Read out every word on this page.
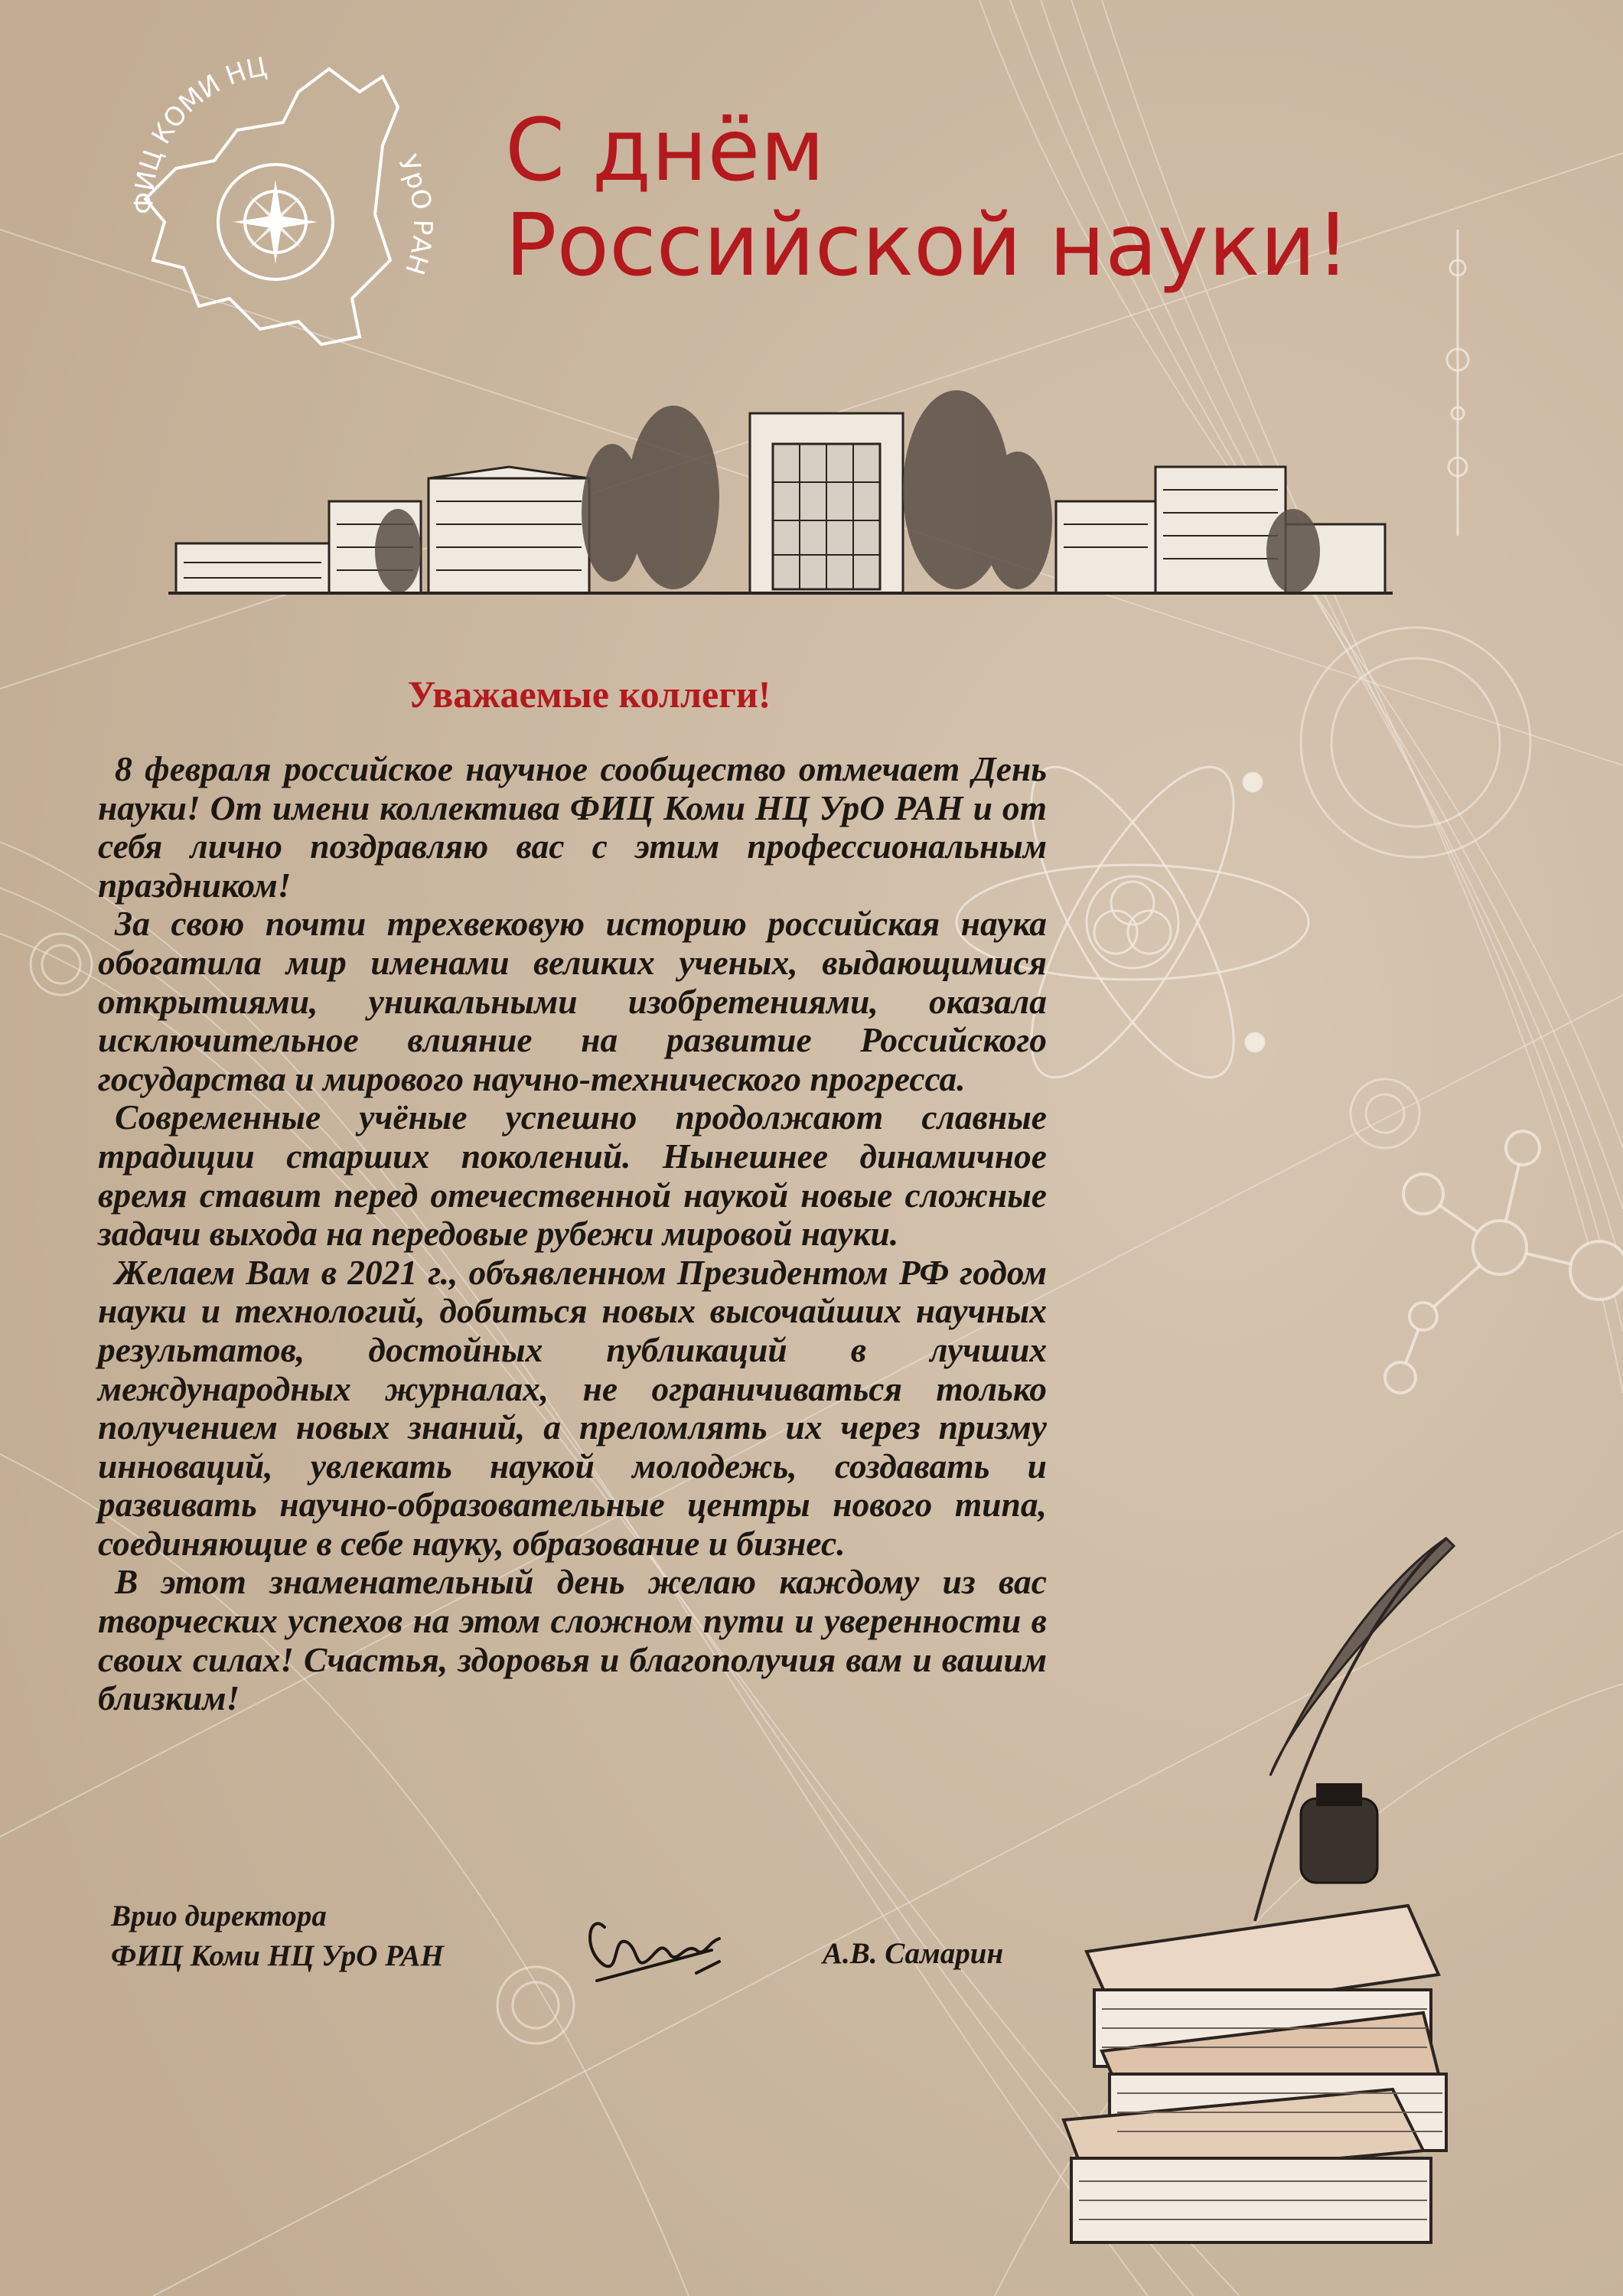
ФИЦ КОМИ НЦ
УрО РАН
С днём
Российской науки!
Уважаемые коллеги!

8 февраля российское научное сообщество отмечает День науки! От имени коллектива ФИЦ Коми НЦ УрО РАН и от себя лично поздравляю вас с этим профессиональным праздником!

За свою почти трехвековую историю российская наука обогатила мир именами великих ученых, выдающимися открытиями, уникальными изобретениями, оказала исключительное влияние на развитие Российского государства и мирового научно-технического прогресса.

Современные учёные успешно продолжают славные традиции старших поколений. Нынешнее динамичное время ставит перед отечественной наукой новые сложные задачи выхода на передовые рубежи мировой науки.

Желаем Вам в 2021 г., объявленном Президентом РФ годом науки и технологий, добиться новых высочайших научных результатов, достойных публикаций в лучших международных журналах, не ограничиваться только получением новых знаний, а преломлять их через призму инноваций, увлекать наукой молодежь, создавать и развивать научно-образовательные центры нового типа, соединяющие в себе науку, образование и бизнес.

В этот знаменательный день желаю каждому из вас творческих успехов на этом сложном пути и уверенности в своих силах! Счастья, здоровья и благополучия вам и вашим близким!

Врио директора
ФИЦ Коми НЦ УрО РАН	А.В. Самарин
